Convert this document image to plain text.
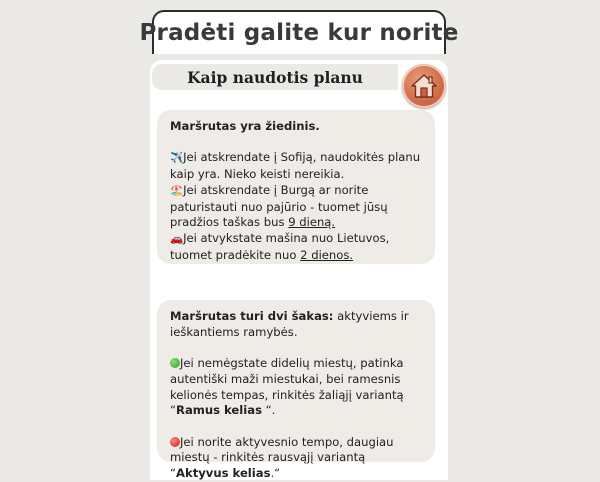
Pradėti galite kur norite
Kaip naudotis planu

Maršrutas yra žiedinis.

✈️Jei atskrendate į Sofiją, naudokitės planu kaip yra. Nieko keisti nereikia.

🏖️Jei atskrendate į Burgą ar norite paturistauti nuo pajūrio - tuomet jūsų pradžios taškas bus 9 dieną.

🚗Jei atvykstate mašina nuo Lietuvos, tuomet pradėkite nuo 2 dienos.

Maršrutas turi dvi šakas: aktyviems ir ieškantiems ramybės.

Jei nemėgstate didelių miestų, patinka autentiški maži miestukai, bei ramesnis kelionės tempas, rinkitės žaliąjį variantą “Ramus kelias “.

Jei norite aktyvesnio tempo, daugiau miestų - rinkitės rausvąjį variantą “Aktyvus kelias.“
